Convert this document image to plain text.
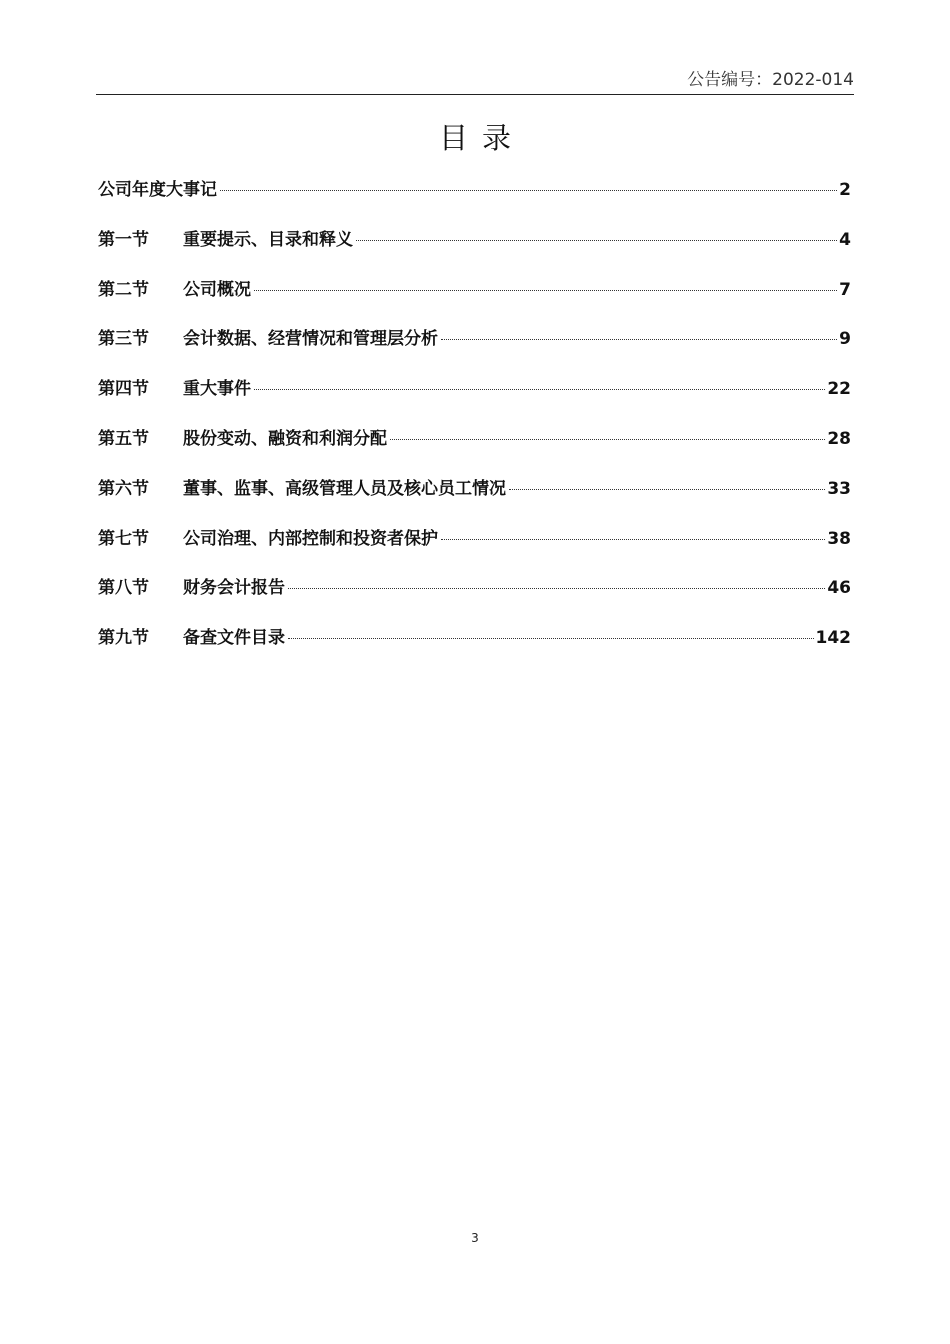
公告编号：2022-014
目录
公司年度大事记	2
第一节	重要提示、目录和释义	4
第二节	公司概况	7
第三节	会计数据、经营情况和管理层分析	9
第四节	重大事件	22
第五节	股份变动、融资和利润分配	28
第六节	董事、监事、高级管理人员及核心员工情况	33
第七节	公司治理、内部控制和投资者保护	38
第八节	财务会计报告	46
第九节	备查文件目录	142
3
